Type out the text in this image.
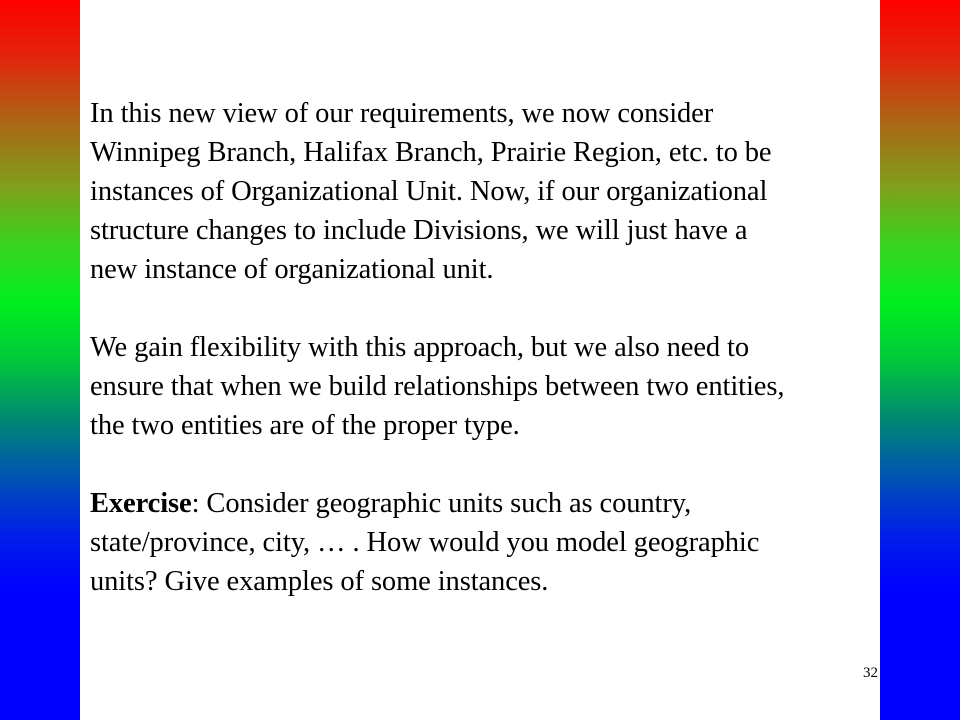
In this new view of our requirements, we now consider
Winnipeg Branch, Halifax Branch, Prairie Region, etc. to be
instances of Organizational Unit. Now, if our organizational
structure changes to include Divisions, we will just have a
new instance of organizational unit.

We gain flexibility with this approach, but we also need to
ensure that when we build relationships between two entities,
the two entities are of the proper type.

Exercise: Consider geographic units such as country,
state/province, city, … . How would you model geographic
units? Give examples of some instances.

32
